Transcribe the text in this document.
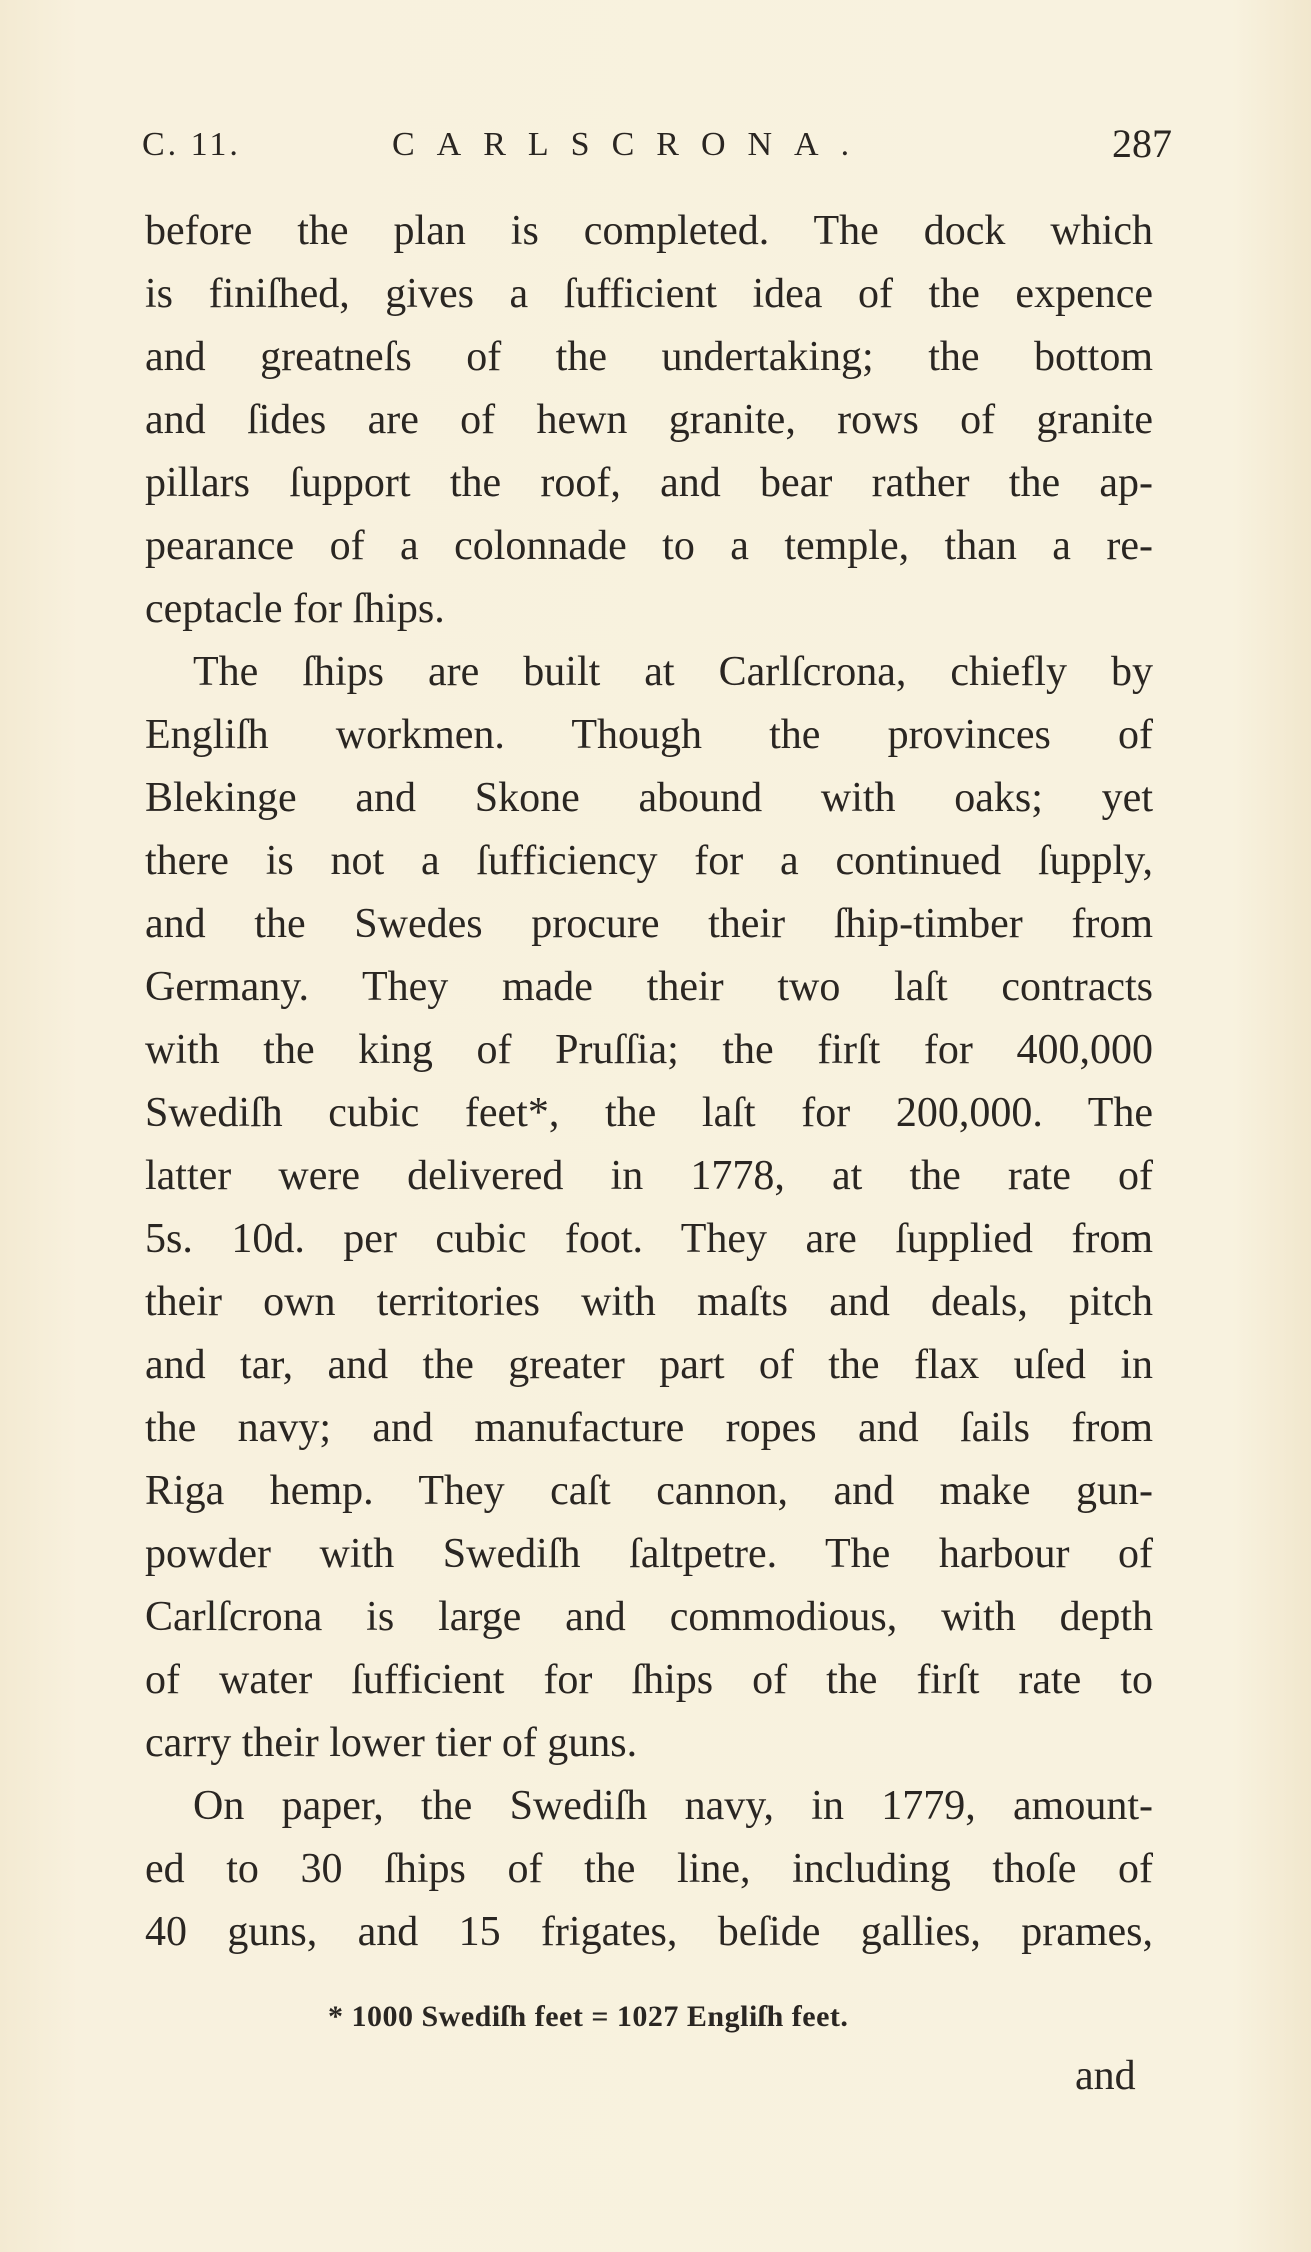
C. 11.	CARLSCRONA.	287
before the plan is completed. The dock which
is finiſhed, gives a ſufficient idea of the expence
and greatneſs of the undertaking; the bottom
and ſides are of hewn granite, rows of granite
pillars ſupport the roof, and bear rather the ap-
pearance of a colonnade to a temple, than a re-
ceptacle for ſhips.
The ſhips are built at Carlſcrona, chiefly by
Engliſh workmen. Though the provinces of
Blekinge and Skone abound with oaks; yet
there is not a ſufficiency for a continued ſupply,
and the Swedes procure their ſhip-timber from
Germany. They made their two laſt contracts
with the king of Pruſſia; the firſt for 400,000
Swediſh cubic feet*, the laſt for 200,000. The
latter were delivered in 1778, at the rate of
5s. 10d. per cubic foot. They are ſupplied from
their own territories with maſts and deals, pitch
and tar, and the greater part of the flax uſed in
the navy; and manufacture ropes and ſails from
Riga hemp. They caſt cannon, and make gun-
powder with Swediſh ſaltpetre. The harbour of
Carlſcrona is large and commodious, with depth
of water ſufficient for ſhips of the firſt rate to
carry their lower tier of guns.
On paper, the Swediſh navy, in 1779, amount-
ed to 30 ſhips of the line, including thoſe of
40 guns, and 15 frigates, beſide gallies, prames,
* 1000 Swediſh feet = 1027 Engliſh feet.
and
